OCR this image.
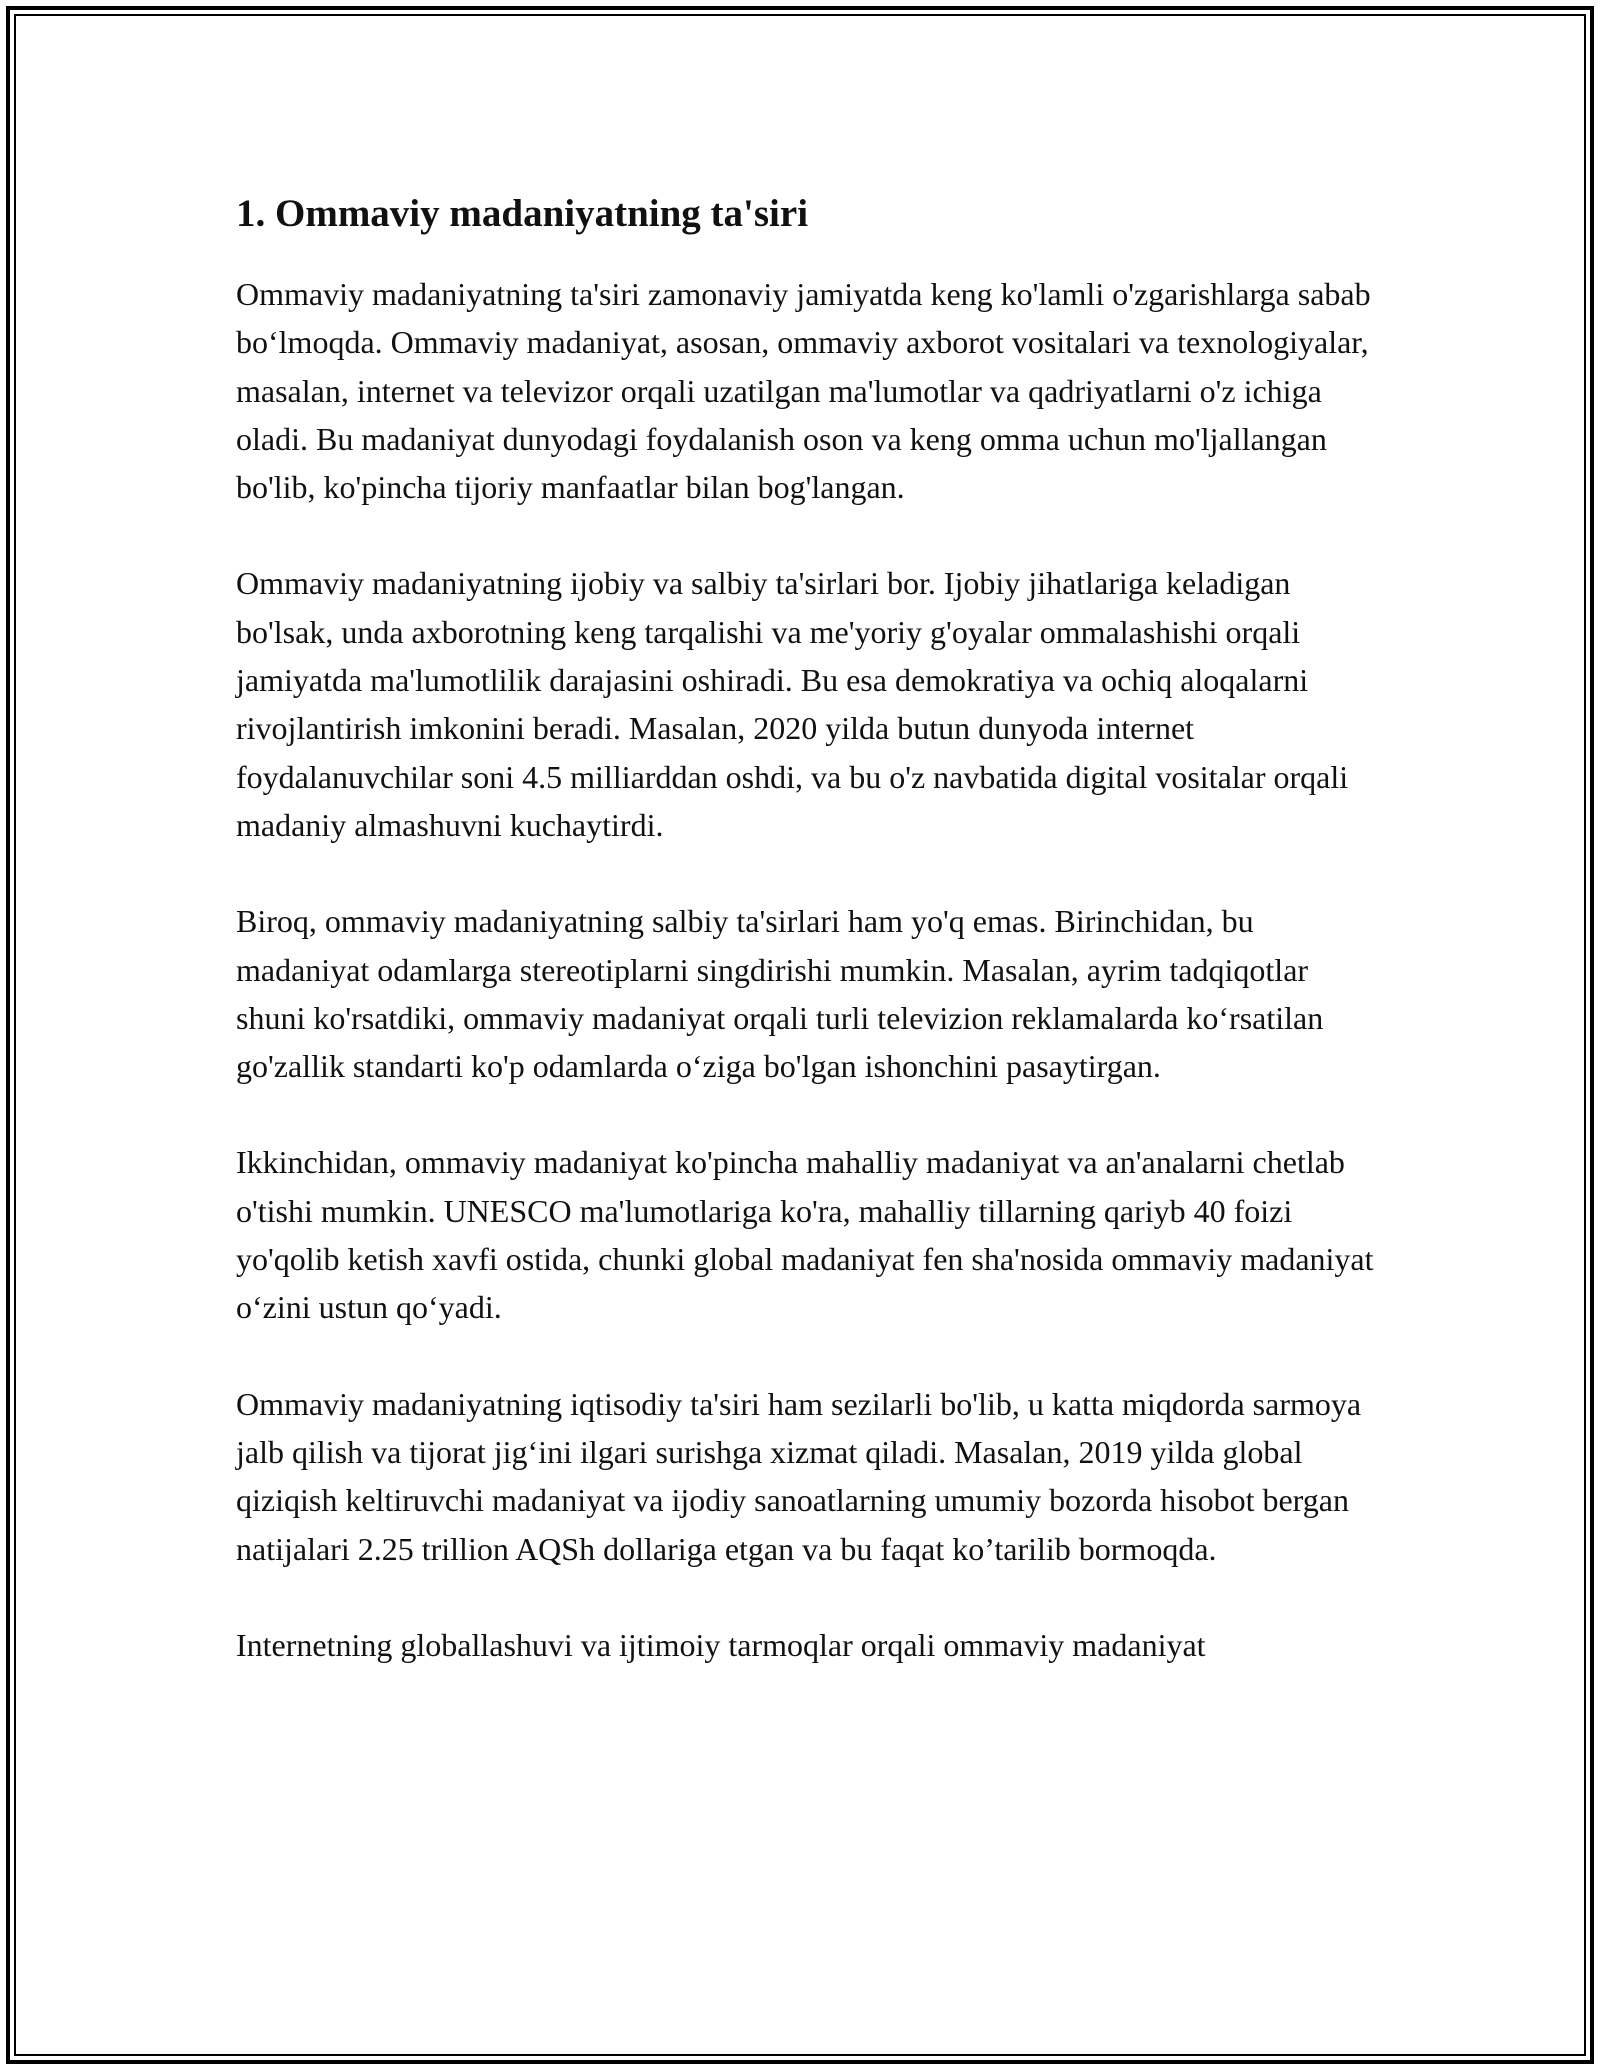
1. Ommaviy madaniyatning ta'siri

Ommaviy madaniyatning ta'siri zamonaviy jamiyatda keng ko'lamli o'zgarishlarga sabab bo‘lmoqda. Ommaviy madaniyat, asosan, ommaviy axborot vositalari va texnologiyalar, masalan, internet va televizor orqali uzatilgan ma'lumotlar va qadriyatlarni o'z ichiga oladi. Bu madaniyat dunyodagi foydalanish oson va keng omma uchun mo'ljallangan bo'lib, ko'pincha tijoriy manfaatlar bilan bog'langan.

Ommaviy madaniyatning ijobiy va salbiy ta'sirlari bor. Ijobiy jihatlariga keladigan bo'lsak, unda axborotning keng tarqalishi va me'yoriy g'oyalar ommalashishi orqali jamiyatda ma'lumotlilik darajasini oshiradi. Bu esa demokratiya va ochiq aloqalarni rivojlantirish imkonini beradi. Masalan, 2020 yilda butun dunyoda internet foydalanuvchilar soni 4.5 milliarddan oshdi, va bu o'z navbatida digital vositalar orqali madaniy almashuvni kuchaytirdi.

Biroq, ommaviy madaniyatning salbiy ta'sirlari ham yo'q emas. Birinchidan, bu madaniyat odamlarga stereotiplarni singdirishi mumkin. Masalan, ayrim tadqiqotlar shuni ko'rsatdiki, ommaviy madaniyat orqali turli televizion reklamalarda ko‘rsatilan go'zallik standarti ko'p odamlarda o‘ziga bo'lgan ishonchini pasaytirgan.

Ikkinchidan, ommaviy madaniyat ko'pincha mahalliy madaniyat va an'analarni chetlab o'tishi mumkin. UNESCO ma'lumotlariga ko'ra, mahalliy tillarning qariyb 40 foizi yo'qolib ketish xavfi ostida, chunki global madaniyat fen sha'nosida ommaviy madaniyat o‘zini ustun qo‘yadi.

Ommaviy madaniyatning iqtisodiy ta'siri ham sezilarli bo'lib, u katta miqdorda sarmoya jalb qilish va tijorat jig‘ini ilgari surishga xizmat qiladi. Masalan, 2019 yilda global qiziqish keltiruvchi madaniyat va ijodiy sanoatlarning umumiy bozorda hisobot bergan natijalari 2.25 trillion AQSh dollariga etgan va bu faqat ko’tarilib bormoqda.

Internetning globallashuvi va ijtimoiy tarmoqlar orqali ommaviy madaniyat
